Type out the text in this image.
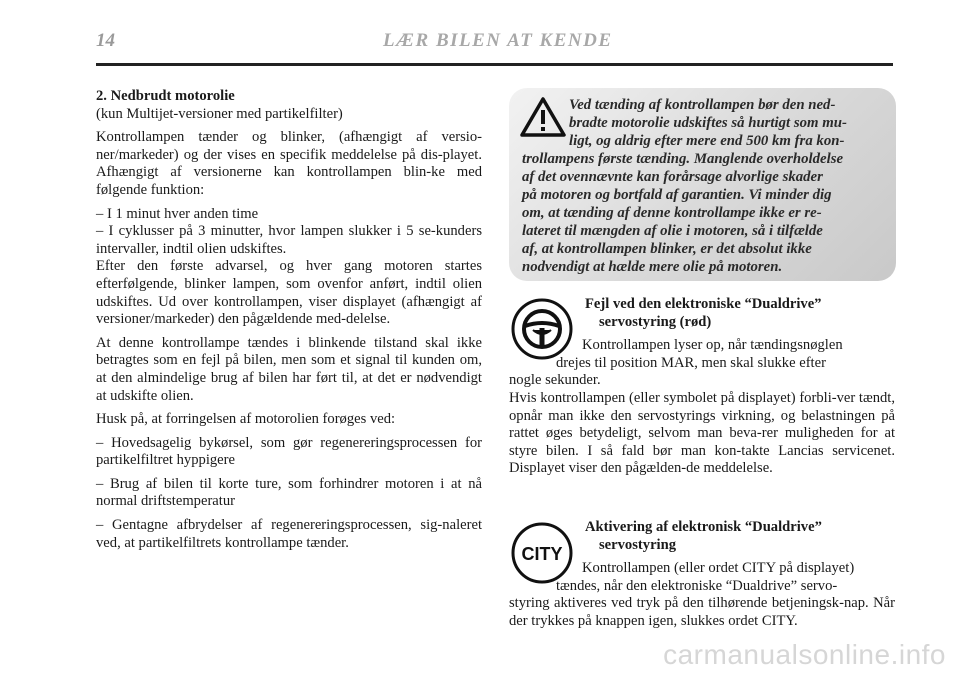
14	LÆR BILEN AT KENDE
2. Nedbrudt motorolie
(kun Multijet-versioner med partikelfilter)

Kontrollampen tænder og blinker, (afhængigt af versio-ner/markeder) og der vises en specifik meddelelse på dis-playet. Afhængigt af versionerne kan kontrollampen blin-ke med følgende funktion:

– I 1 minut hver anden time
– I cyklusser på 3 minutter, hvor lampen slukker i 5 se-kunders intervaller, indtil olien udskiftes.

Efter den første advarsel, og hver gang motoren startes efterfølgende, blinker lampen, som ovenfor anført, indtil olien udskiftes. Ud over kontrollampen, viser displayet (afhængigt af versioner/markeder) den pågældende med-delelse.

At denne kontrollampe tændes i blinkende tilstand skal ikke betragtes som en fejl på bilen, men som et signal til kunden om, at den almindelige brug af bilen har ført til, at det er nødvendigt at udskifte olien.

Husk på, at forringelsen af motorolien forøges ved:

– Hovedsagelig bykørsel, som gør regenereringsprocessen for partikelfiltret hyppigere

– Brug af bilen til korte ture, som forhindrer motoren i at nå normal driftstemperatur

– Gentagne afbrydelser af regenereringsprocessen, sig-naleret ved, at partikelfiltrets kontrollampe tænder.

Ved tænding af kontrollampen bør den ned-
bradte motorolie udskiftes så hurtigt som mu-
ligt, og aldrig efter mere end 500 km fra kon-
trollampens første tænding. Manglende overholdelse
af det ovennævnte kan forårsage alvorlige skader
på motoren og bortfald af garantien. Vi minder dig
om, at tænding af denne kontrollampe ikke er re-
lateret til mængden af olie i motoren, så i tilfælde
af, at kontrollampen blinker, er det absolut ikke
nodvendigt at hælde mere olie på motoren.
Fejl ved den elektroniske “Dualdrive”
servostyring (rød)
Kontrollampen lyser op, når tændingsnøglen
drejes til position MAR, men skal slukke efter
nogle sekunder.
Hvis kontrollampen (eller symbolet på displayet) forbli-ver tændt, opnår man ikke den servostyrings virkning, og belastningen på rattet øges betydeligt, selvom man beva-rer muligheden for at styre bilen. I så fald bør man kon-takte Lancias servicenet. Displayet viser den pågælden-de meddelelse.
CITY
Aktivering af elektronisk “Dualdrive”
servostyring
Kontrollampen (eller ordet CITY på displayet)
tændes, når den elektroniske “Dualdrive” servo-
styring aktiveres ved tryk på den tilhørende betjeningsk-nap. Når der trykkes på knappen igen, slukkes ordet CITY.
carmanualsonline.info
